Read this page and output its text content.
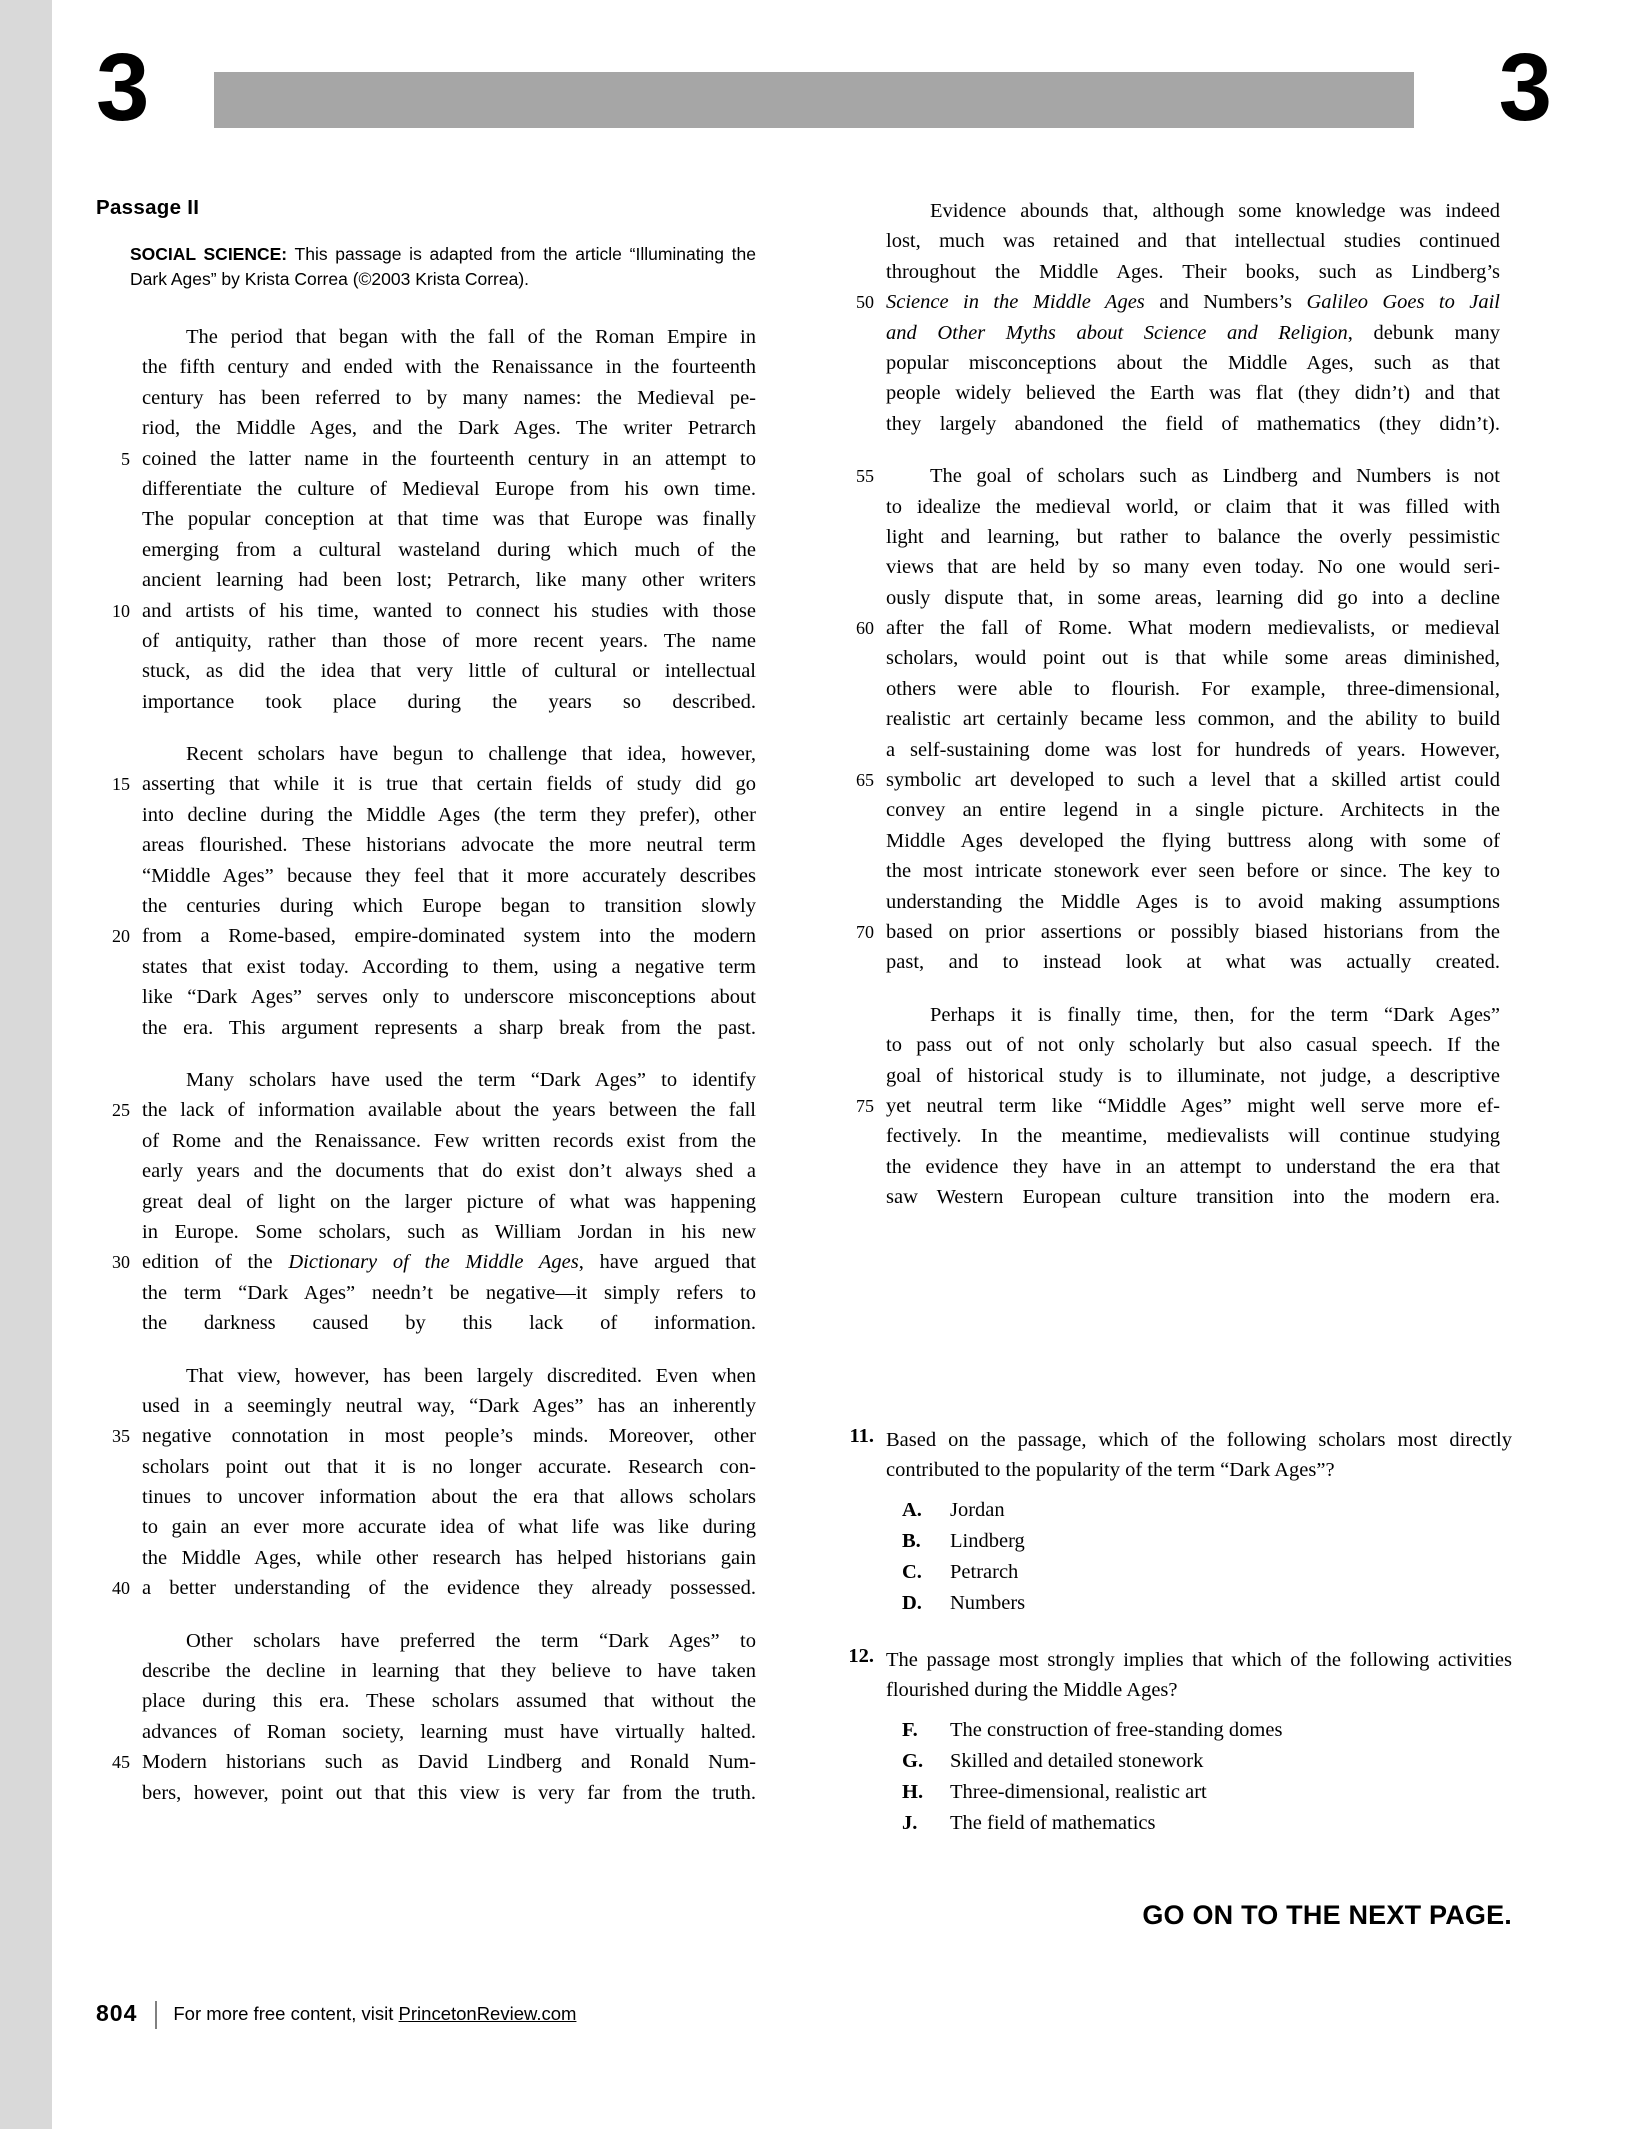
3	3
Passage II
SOCIAL SCIENCE: This passage is adapted from the article “Illuminating the Dark Ages” by Krista Correa (©2003 Krista Correa).
The period that began with the fall of the Roman Empire in
the fifth century and ended with the Renaissance in the fourteenth
century has been referred to by many names: the Medieval pe-
riod, the Middle Ages, and the Dark Ages. The writer Petrarch
5 coined the latter name in the fourteenth century in an attempt to
differentiate the culture of Medieval Europe from his own time.
The popular conception at that time was that Europe was finally
emerging from a cultural wasteland during which much of the
ancient learning had been lost; Petrarch, like many other writers
10 and artists of his time, wanted to connect his studies with those
of antiquity, rather than those of more recent years. The name
stuck, as did the idea that very little of cultural or intellectual
importance took place during the years so described.
Recent scholars have begun to challenge that idea, however,
15 asserting that while it is true that certain fields of study did go
into decline during the Middle Ages (the term they prefer), other
areas flourished. These historians advocate the more neutral term
“Middle Ages” because they feel that it more accurately describes
the centuries during which Europe began to transition slowly
20 from a Rome-based, empire-dominated system into the modern
states that exist today. According to them, using a negative term
like “Dark Ages” serves only to underscore misconceptions about
the era. This argument represents a sharp break from the past.
Many scholars have used the term “Dark Ages” to identify
25 the lack of information available about the years between the fall
of Rome and the Renaissance. Few written records exist from the
early years and the documents that do exist don’t always shed a
great deal of light on the larger picture of what was happening
in Europe. Some scholars, such as William Jordan in his new
30 edition of the Dictionary of the Middle Ages, have argued that
the term “Dark Ages” needn’t be negative—it simply refers to
the darkness caused by this lack of information.
That view, however, has been largely discredited. Even when
used in a seemingly neutral way, “Dark Ages” has an inherently
35 negative connotation in most people’s minds. Moreover, other
scholars point out that it is no longer accurate. Research con-
tinues to uncover information about the era that allows scholars
to gain an ever more accurate idea of what life was like during
the Middle Ages, while other research has helped historians gain
40 a better understanding of the evidence they already possessed.
Other scholars have preferred the term “Dark Ages” to
describe the decline in learning that they believe to have taken
place during this era. These scholars assumed that without the
advances of Roman society, learning must have virtually halted.
45 Modern historians such as David Lindberg and Ronald Num-
bers, however, point out that this view is very far from the truth.
Evidence abounds that, although some knowledge was indeed
lost, much was retained and that intellectual studies continued
throughout the Middle Ages. Their books, such as Lindberg’s
50 Science in the Middle Ages and Numbers’s Galileo Goes to Jail
and Other Myths about Science and Religion, debunk many
popular misconceptions about the Middle Ages, such as that
people widely believed the Earth was flat (they didn’t) and that
they largely abandoned the field of mathematics (they didn’t).
55	The goal of scholars such as Lindberg and Numbers is not
to idealize the medieval world, or claim that it was filled with
light and learning, but rather to balance the overly pessimistic
views that are held by so many even today. No one would seri-
ously dispute that, in some areas, learning did go into a decline
60 after the fall of Rome. What modern medievalists, or medieval
scholars, would point out is that while some areas diminished,
others were able to flourish. For example, three-dimensional,
realistic art certainly became less common, and the ability to build
a self-sustaining dome was lost for hundreds of years. However,
65 symbolic art developed to such a level that a skilled artist could
convey an entire legend in a single picture. Architects in the
Middle Ages developed the flying buttress along with some of
the most intricate stonework ever seen before or since. The key to
understanding the Middle Ages is to avoid making assumptions
70 based on prior assertions or possibly biased historians from the
past, and to instead look at what was actually created.
Perhaps it is finally time, then, for the term “Dark Ages”
to pass out of not only scholarly but also casual speech. If the
goal of historical study is to illuminate, not judge, a descriptive
75 yet neutral term like “Middle Ages” might well serve more ef-
fectively. In the meantime, medievalists will continue studying
the evidence they have in an attempt to understand the era that
saw Western European culture transition into the modern era.
11. Based on the passage, which of the following scholars most directly contributed to the popularity of the term “Dark Ages”?
A. Jordan
B. Lindberg
C. Petrarch
D. Numbers
12. The passage most strongly implies that which of the following activities flourished during the Middle Ages?
F. The construction of free-standing domes
G. Skilled and detailed stonework
H. Three-dimensional, realistic art
J. The field of mathematics
GO ON TO THE NEXT PAGE.
804 For more free content, visit PrincetonReview.com
